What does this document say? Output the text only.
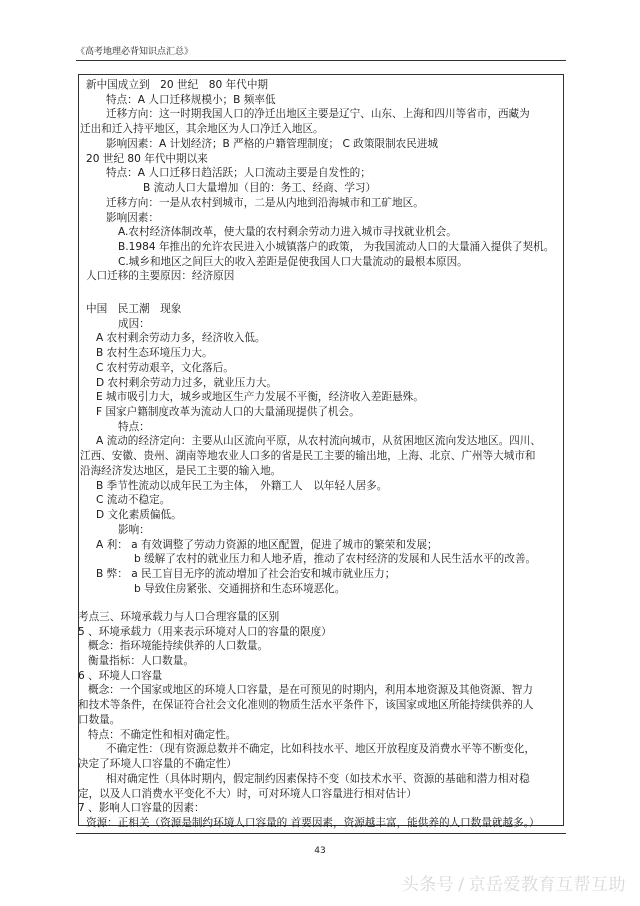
《高考地理必背知识点汇总》
新中国成立到　20 世纪　80 年代中期
特点：A 人口迁移规模小；B 频率低
迁移方向：这一时期我国人口的净迁出地区主要是辽宁、山东、上海和四川等省市，西藏为
迁出和迁入持平地区，其余地区为人口净迁入地区。
影响因素：A 计划经济；B 严格的户籍管理制度； C 政策限制农民进城
20 世纪 80 年代中期以来
特点：A 人口迁移日趋活跃；人口流动主要是自发性的；
B 流动人口大量增加（目的：务工、经商、学习）
迁移方向：一是从农村到城市，二是从内地到沿海城市和工矿地区。
影响因素：
A.农村经济体制改革，使大量的农村剩余劳动力进入城市寻找就业机会。
B.1984 年推出的允许农民进入小城镇落户的政策， 为我国流动人口的大量涌入提供了契机。
C.城乡和地区之间巨大的收入差距是促使我国人口大量流动的最根本原因。
人口迁移的主要原因：经济原因
中国　民工潮　现象
成因：
A 农村剩余劳动力多，经济收入低。
B 农村生态环境压力大。
C 农村劳动艰辛，文化落后。
D 农村剩余劳动力过多，就业压力大。
E 城市吸引力大，城乡或地区生产力发展不平衡，经济收入差距悬殊。
F 国家户籍制度改革为流动人口的大量涌现提供了机会。
特点：
A 流动的经济定向：主要从山区流向平原，从农村流向城市，从贫困地区流向发达地区。四川、
江西、安徽、贵州、湖南等地农业人口多的省是民工主要的输出地，上海、北京、广州等大城市和
沿海经济发达地区，是民工主要的输入地。
B 季节性流动以成年民工为主体，　外籍工人　以年轻人居多。
C 流动不稳定。
D 文化素质偏低。
影响：
A 利： a 有效调整了劳动力资源的地区配置，促进了城市的繁荣和发展；
b 缓解了农村的就业压力和人地矛盾，推动了农村经济的发展和人民生活水平的改善。
B 弊： a 民工盲目无序的流动增加了社会治安和城市就业压力；
b 导致住房紧张、交通拥挤和生态环境恶化。
考点三、环境承载力与人口合理容量的区别
5 、环境承载力（用来表示环境对人口的容量的限度）
概念：指环境能持续供养的人口数量。
衡量指标：人口数量。
6 、环境人口容量
概念：一个国家或地区的环境人口容量，是在可预见的时期内，利用本地资源及其他资源、智力
和技术等条件，在保证符合社会文化准则的物质生活水平条件下，该国家或地区所能持续供养的人
口数量。
特点：不确定性和相对确定性。
不确定性：（现有资源总数并不确定，比如科技水平、地区开放程度及消费水平等不断变化，
决定了环境人口容量的不确定性）
相对确定性（具体时期内，假定制约因素保持不变（如技术水平、资源的基础和潜力相对稳
定，以及人口消费水平变化不大）时，可对环境人口容量进行相对估计）
7 、影响人口容量的因素：
资源：正相关（资源是制约环境人口容量的 首要因素，资源越丰富，能供养的人口数量就越多。）
43
头条号 / 京岳爱教育互帮互助
